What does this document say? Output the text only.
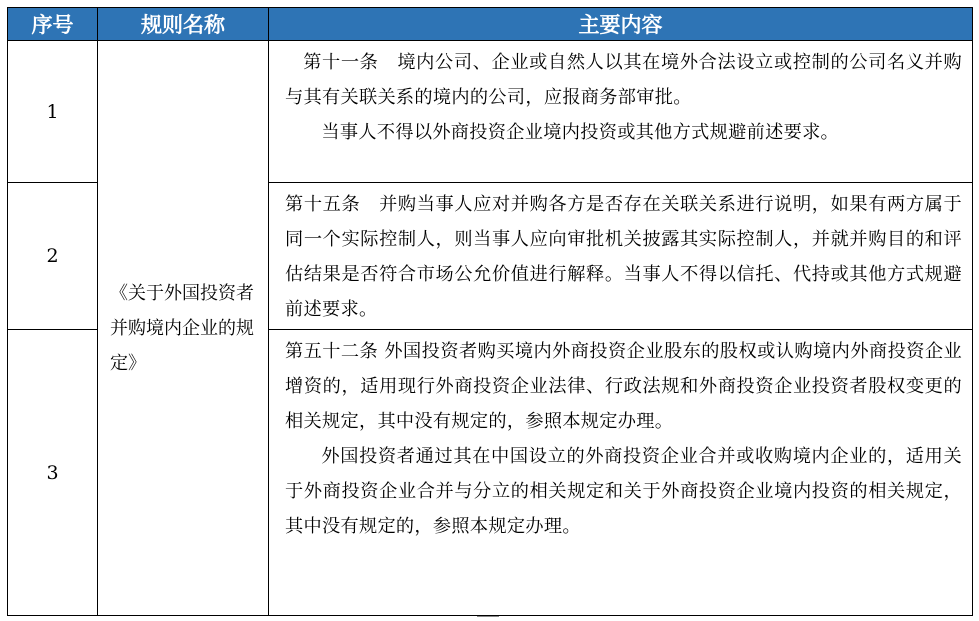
序号	规则名称	主要内容
1	《关于外国投资者并购境内企业的规定》	第十一条　境内公司、企业或自然人以其在境外合法设立或控制的公司名义并购与其有关联关系的境内的公司，应报商务部审批。

当事人不得以外商投资企业境内投资或其他方式规避前述要求。

2		第十五条　并购当事人应对并购各方是否存在关联关系进行说明，如果有两方属于同一个实际控制人，则当事人应向审批机关披露其实际控制人，并就并购目的和评估结果是否符合市场公允价值进行解释。当事人不得以信托、代持或其他方式规避前述要求。

3		第五十二条 外国投资者购买境内外商投资企业股东的股权或认购境内外商投资企业增资的，适用现行外商投资企业法律、行政法规和外商投资企业投资者股权变更的相关规定，其中没有规定的，参照本规定办理。

外国投资者通过其在中国设立的外商投资企业合并或收购境内企业的，适用关于外商投资企业合并与分立的相关规定和关于外商投资企业境内投资的相关规定，其中没有规定的，参照本规定办理。
